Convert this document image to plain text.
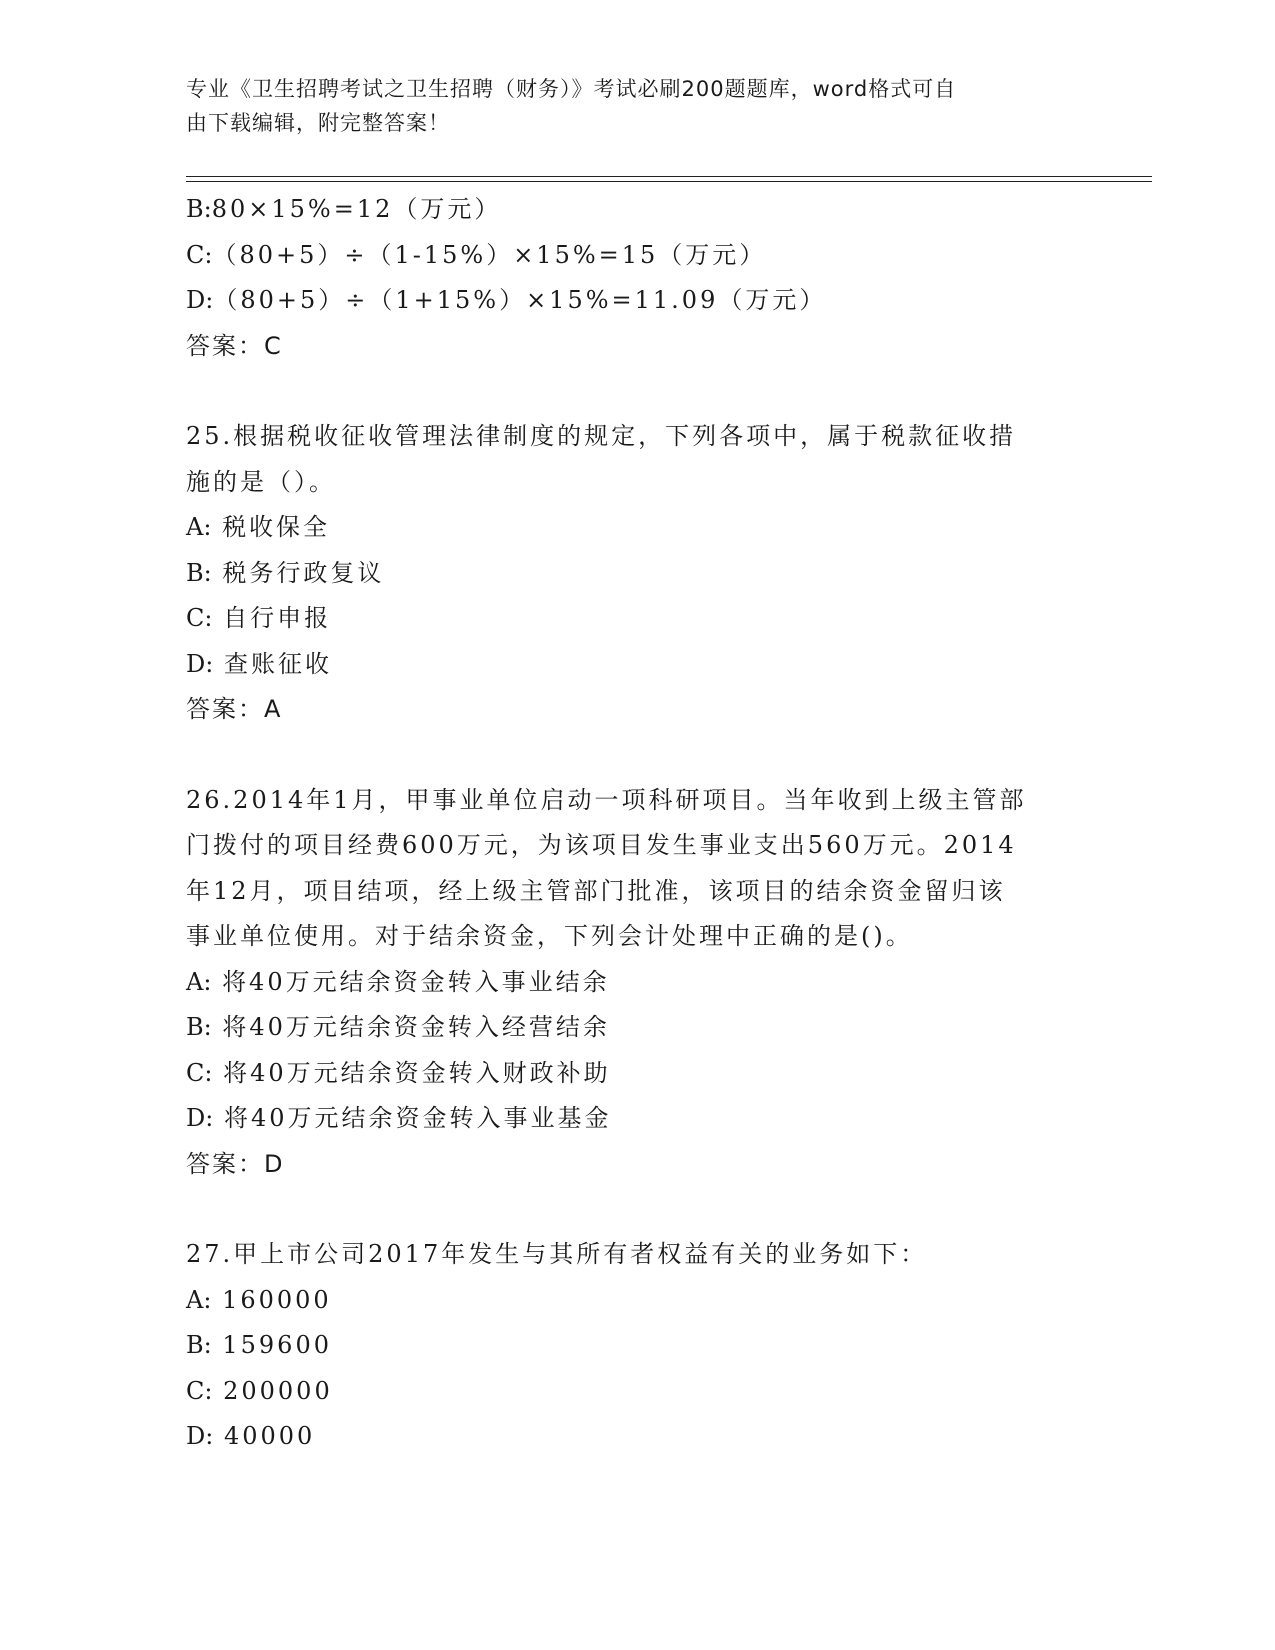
专业《卫生招聘考试之卫生招聘（财务）》考试必刷200题题库，word格式可自
由下载编辑，附完整答案！
B:80×15%=12（万元）
C:（80+5）÷（1-15%）×15%=15（万元）
D:（80+5）÷（1+15%）×15%=11.09（万元）
答案：C
25.根据税收征收管理法律制度的规定，下列各项中，属于税款征收措
施的是（）。
A: 税收保全
B: 税务行政复议
C: 自行申报
D: 查账征收
答案：A
26.2014年1月，甲事业单位启动一项科研项目。当年收到上级主管部
门拨付的项目经费600万元，为该项目发生事业支出560万元。2014
年12月，项目结项，经上级主管部门批准，该项目的结余资金留归该
事业单位使用。对于结余资金，下列会计处理中正确的是()。
A: 将40万元结余资金转入事业结余
B: 将40万元结余资金转入经营结余
C: 将40万元结余资金转入财政补助
D: 将40万元结余资金转入事业基金
答案：D
27.甲上市公司2017年发生与其所有者权益有关的业务如下：
A: 160000
B: 159600
C: 200000
D: 40000
